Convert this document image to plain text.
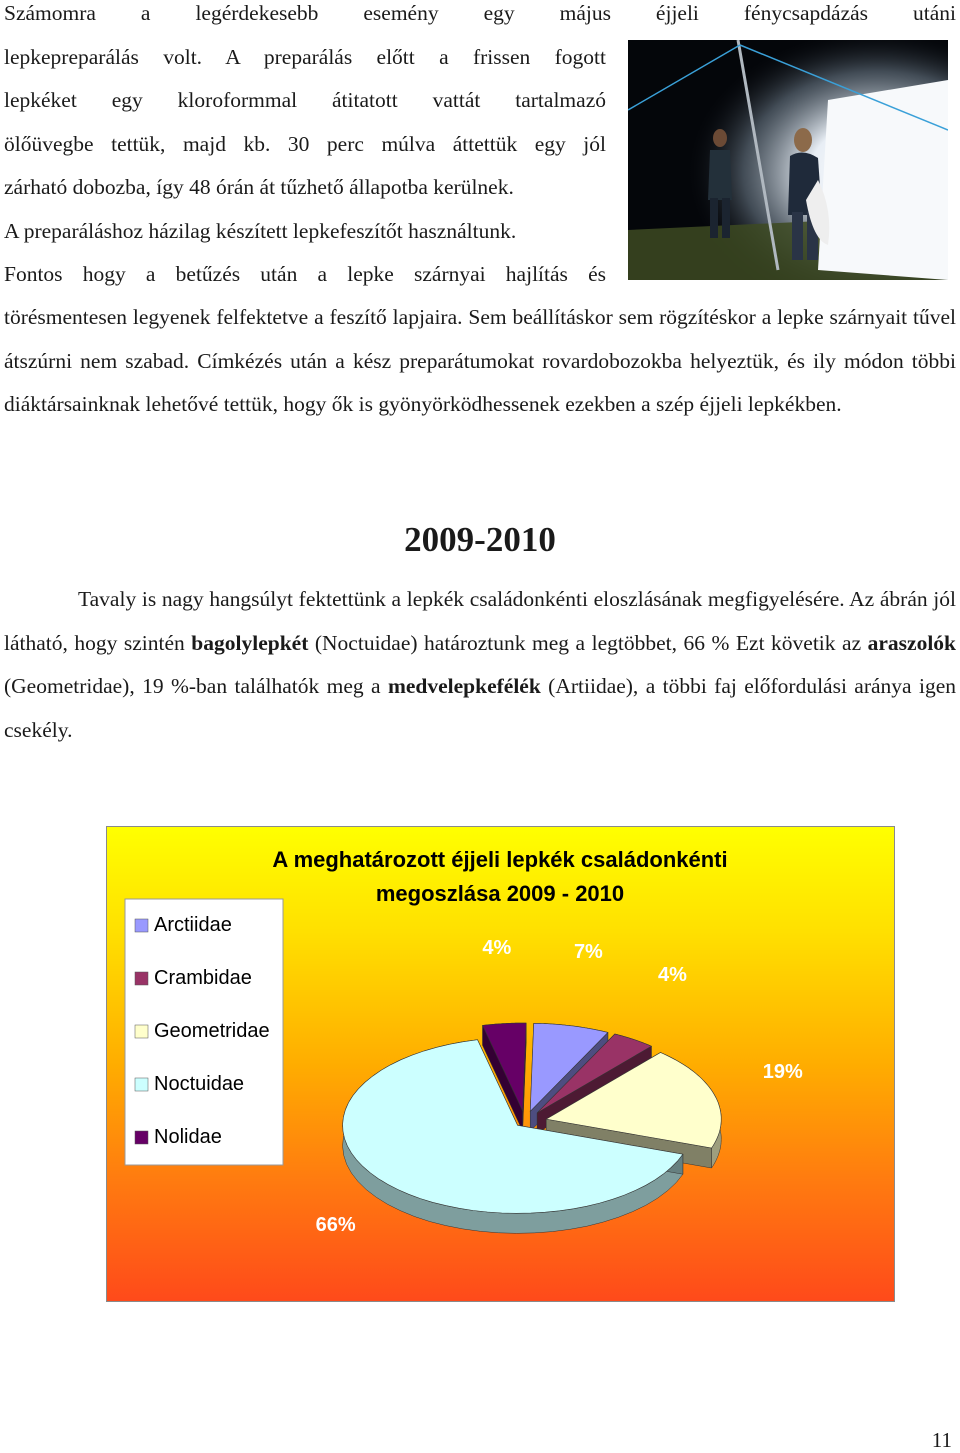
Számomra a legérdekesebb esemény egy május éjjeli fénycsapdázás utáni
lepkepreparálás volt. A preparálás előtt a frissen fogott
lepkéket egy kloroformmal átitatott vattát tartalmazó
ölőüvegbe tettük, majd kb. 30 perc múlva áttettük egy jól
zárható dobozba, így 48 órán át tűzhető állapotba kerülnek.
A preparáláshoz házilag készített lepkefeszítőt használtunk.
Fontos hogy a betűzés után a lepke szárnyai hajlítás és
törésmentesen legyenek felfektetve a feszítő lapjaira. Sem beállításkor sem rögzítéskor a lepke szárnyait tűvel átszúrni nem szabad. Címkézés után a kész preparátumokat rovardobozokba helyeztük, és ily módon többi diáktársainknak lehetővé tettük, hogy ők is gyönyörködhessenek ezekben a szép éjjeli lepkékben.
2009-2010
Tavaly is nagy hangsúlyt fektettünk a lepkék családonkénti eloszlásának megfigyelésére. Az ábrán jól látható, hogy szintén bagolylepkét (Noctuidae) határoztunk meg a legtöbbet, 66 % Ezt követik az araszolók (Geometridae), 19 %-ban találhatók meg a medvelepkefélék (Artiidae), a többi faj előfordulási aránya igen csekély.
A meghatározott éjjeli lepkék családonkénti megoszlása 2009 - 2010
Arctiidae
Crambidae
Geometridae
Noctuidae
Nolidae
7%
4%
19%
66%
4%
11
